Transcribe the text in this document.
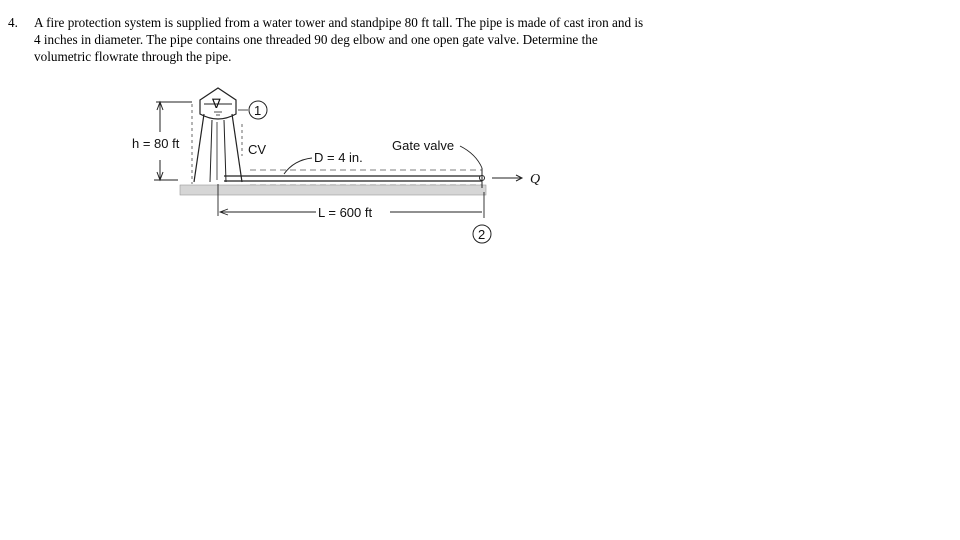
4. A fire protection system is supplied from a water tower and standpipe 80 ft tall. The pipe is made of cast iron and is 4 inches in diameter. The pipe contains one threaded 90 deg elbow and one open gate valve. Determine the volumetric flowrate through the pipe.
h = 80 ft
∇	1
CV
D = 4 in.
Gate valve
Q
L = 600 ft
2
